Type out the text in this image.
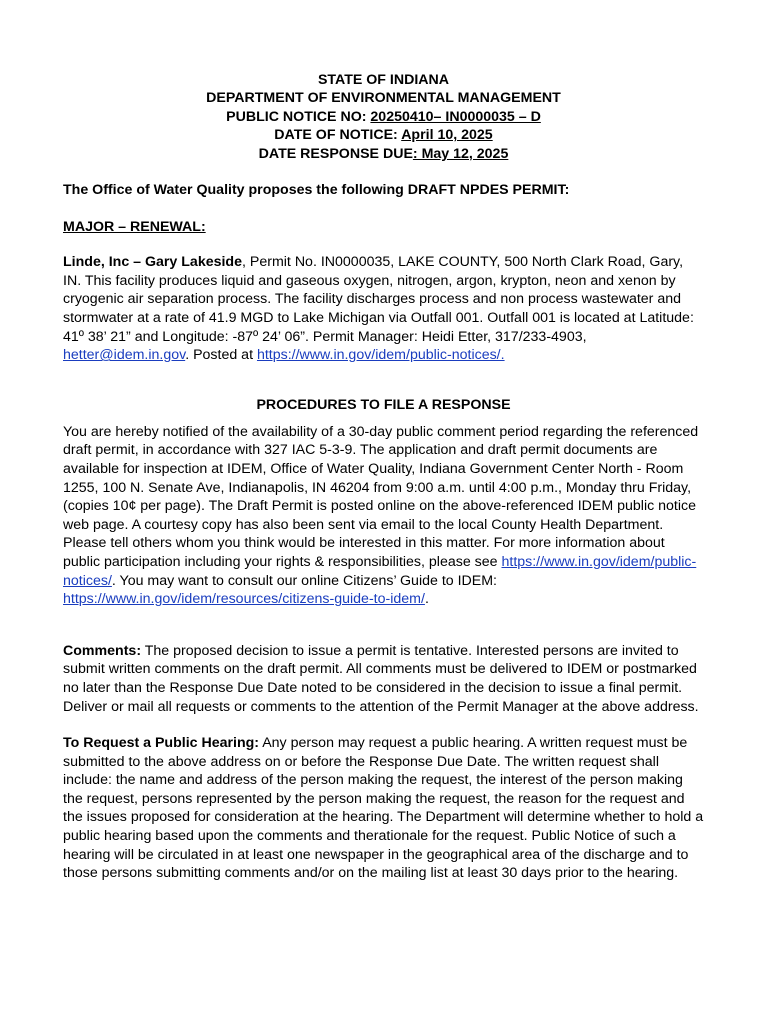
STATE OF INDIANA
DEPARTMENT OF ENVIRONMENTAL MANAGEMENT
PUBLIC NOTICE NO: 20250410– IN0000035 – D
DATE OF NOTICE: April 10, 2025
DATE RESPONSE DUE: May 12, 2025

The Office of Water Quality proposes the following DRAFT NPDES PERMIT:

MAJOR – RENEWAL:

Linde, Inc – Gary Lakeside, Permit No. IN0000035, LAKE COUNTY, 500 North Clark Road, Gary, IN. This facility produces liquid and gaseous oxygen, nitrogen, argon, krypton, neon and xenon by cryogenic air separation process. The facility discharges process and non process wastewater and stormwater at a rate of 41.9 MGD to Lake Michigan via Outfall 001. Outfall 001 is located at Latitude: 41º 38’ 21” and Longitude: -87º 24’ 06”. Permit Manager: Heidi Etter, 317/233-4903, hetter@idem.in.gov. Posted at https://www.in.gov/idem/public-notices/.

PROCEDURES TO FILE A RESPONSE

You are hereby notified of the availability of a 30-day public comment period regarding the referenced draft permit, in accordance with 327 IAC 5-3-9. The application and draft permit documents are available for inspection at IDEM, Office of Water Quality, Indiana Government Center North - Room 1255, 100 N. Senate Ave, Indianapolis, IN 46204 from 9:00 a.m. until 4:00 p.m., Monday thru Friday, (copies 10¢ per page). The Draft Permit is posted online on the above-referenced IDEM public notice web page. A courtesy copy has also been sent via email to the local County Health Department. Please tell others whom you think would be interested in this matter. For more information about public participation including your rights & responsibilities, please see https://www.in.gov/idem/public-notices/. You may want to consult our online Citizens’ Guide to IDEM: https://www.in.gov/idem/resources/citizens-guide-to-idem/.

Comments: The proposed decision to issue a permit is tentative. Interested persons are invited to submit written comments on the draft permit. All comments must be delivered to IDEM or postmarked no later than the Response Due Date noted to be considered in the decision to issue a final permit. Deliver or mail all requests or comments to the attention of the Permit Manager at the above address.

To Request a Public Hearing: Any person may request a public hearing. A written request must be submitted to the above address on or before the Response Due Date. The written request shall include: the name and address of the person making the request, the interest of the person making the request, persons represented by the person making the request, the reason for the request and the issues proposed for consideration at the hearing. The Department will determine whether to hold a public hearing based upon the comments and therationale for the request. Public Notice of such a hearing will be circulated in at least one newspaper in the geographical area of the discharge and to those persons submitting comments and/or on the mailing list at least 30 days prior to the hearing.
